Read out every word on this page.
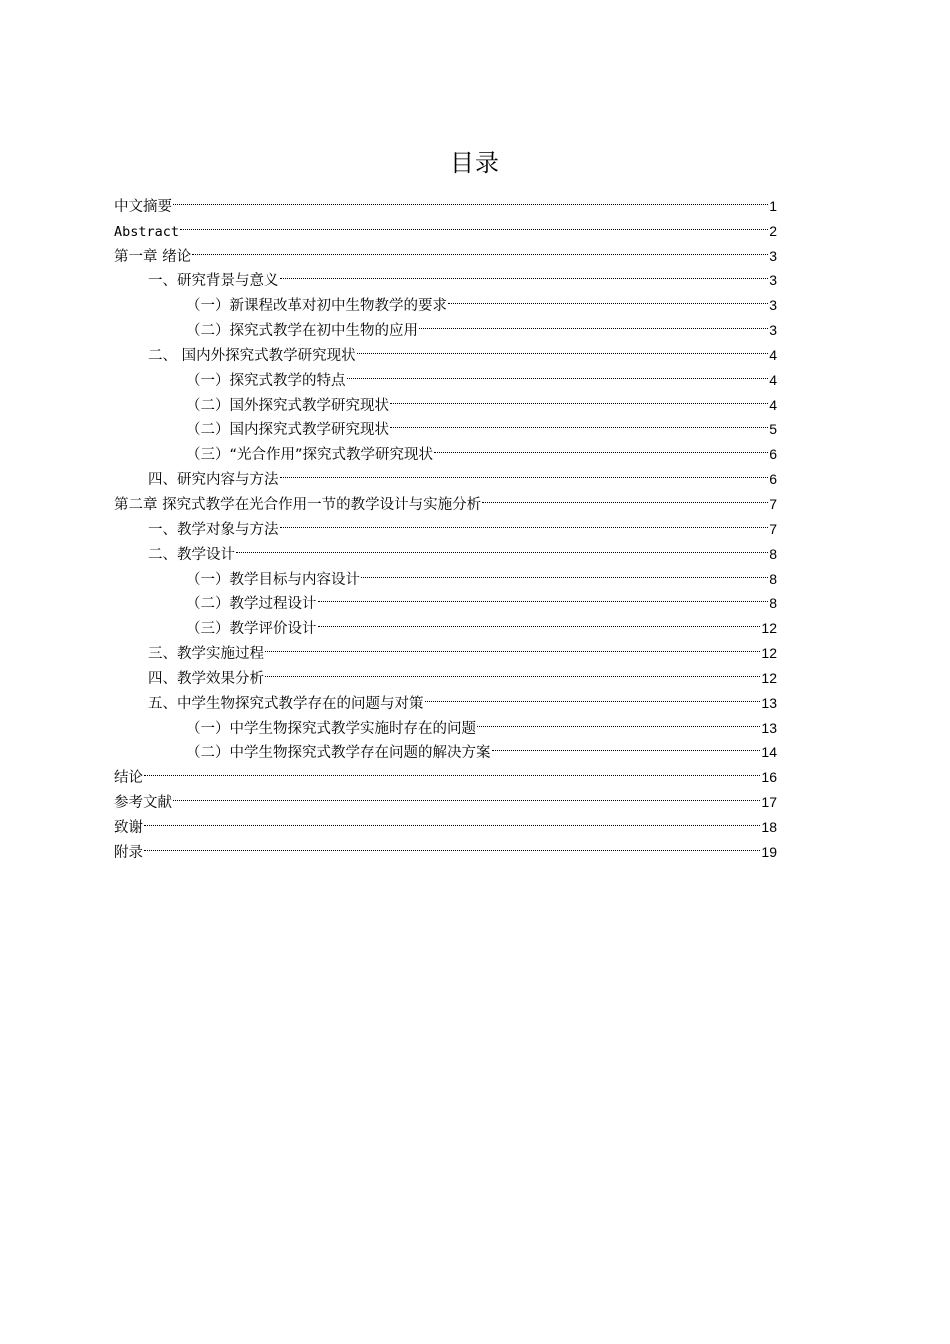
目录
中文摘要	1
Abstract	2
第一章 绪论	3
一、研究背景与意义	3
（一）新课程改革对初中生物教学的要求	3
（二）探究式教学在初中生物的应用	3
二、 国内外探究式教学研究现状	4
（一）探究式教学的特点	4
（二）国外探究式教学研究现状	4
（二）国内探究式教学研究现状	5
（三）“光合作用”探究式教学研究现状	6
四、研究内容与方法	6
第二章 探究式教学在光合作用一节的教学设计与实施分析	7
一、教学对象与方法	7
二、教学设计	8
（一）教学目标与内容设计	8
（二）教学过程设计	8
（三）教学评价设计	12
三、教学实施过程	12
四、教学效果分析	12
五、中学生物探究式教学存在的问题与对策	13
（一）中学生物探究式教学实施时存在的问题	13
（二）中学生物探究式教学存在问题的解决方案	14
结论	16
参考文献	17
致谢	18
附录	19
